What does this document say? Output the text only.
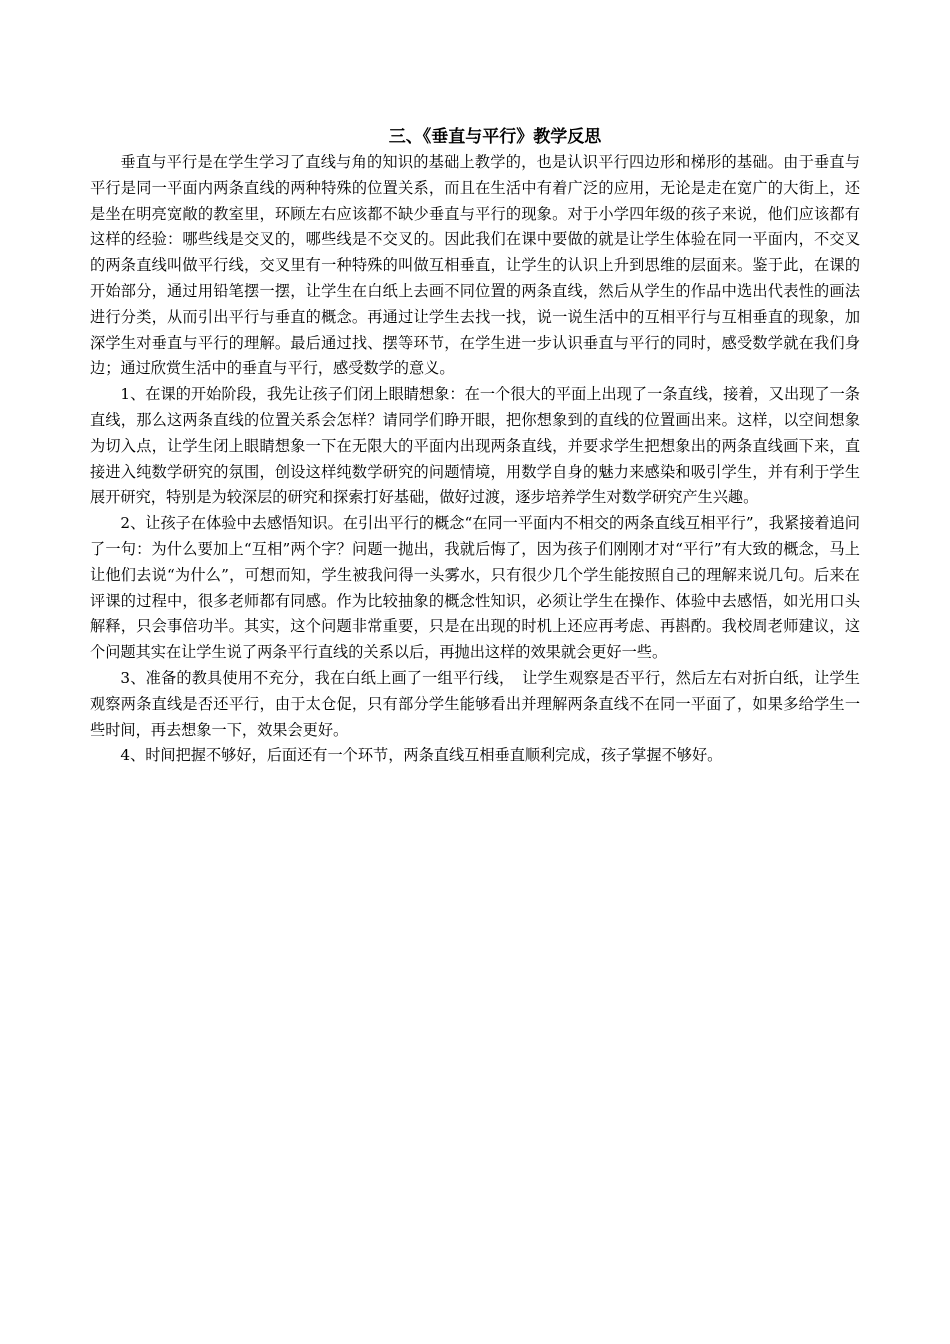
三、《垂直与平行》教学反思

垂直与平行是在学生学习了直线与角的知识的基础上教学的，也是认识平行四边形和梯形的基础。由于垂直与平行是同一平面内两条直线的两种特殊的位置关系，而且在生活中有着广泛的应用，无论是走在宽广的大街上，还是坐在明亮宽敞的教室里，环顾左右应该都不缺少垂直与平行的现象。对于小学四年级的孩子来说，他们应该都有这样的经验：哪些线是交叉的，哪些线是不交叉的。因此我们在课中要做的就是让学生体验在同一平面内，不交叉的两条直线叫做平行线，交叉里有一种特殊的叫做互相垂直，让学生的认识上升到思维的层面来。鉴于此，在课的开始部分，通过用铅笔摆一摆，让学生在白纸上去画不同位置的两条直线，然后从学生的作品中选出代表性的画法进行分类，从而引出平行与垂直的概念。再通过让学生去找一找，说一说生活中的互相平行与互相垂直的现象，加深学生对垂直与平行的理解。最后通过找、摆等环节，在学生进一步认识垂直与平行的同时，感受数学就在我们身边；通过欣赏生活中的垂直与平行，感受数学的意义。

1、在课的开始阶段，我先让孩子们闭上眼睛想象：在一个很大的平面上出现了一条直线，接着，又出现了一条直线，那么这两条直线的位置关系会怎样？请同学们睁开眼，把你想象到的直线的位置画出来。这样，以空间想象为切入点，让学生闭上眼睛想象一下在无限大的平面内出现两条直线，并要求学生把想象出的两条直线画下来，直接进入纯数学研究的氛围，创设这样纯数学研究的问题情境，用数学自身的魅力来感染和吸引学生，并有利于学生展开研究，特别是为较深层的研究和探索打好基础，做好过渡，逐步培养学生对数学研究产生兴趣。

2、让孩子在体验中去感悟知识。在引出平行的概念“在同一平面内不相交的两条直线互相平行”，我紧接着追问了一句：为什么要加上“互相”两个字？问题一抛出，我就后悔了，因为孩子们刚刚才对“平行”有大致的概念，马上让他们去说“为什么”，可想而知，学生被我问得一头雾水，只有很少几个学生能按照自己的理解来说几句。后来在评课的过程中，很多老师都有同感。作为比较抽象的概念性知识，必须让学生在操作、体验中去感悟，如光用口头解释，只会事倍功半。其实，这个问题非常重要，只是在出现的时机上还应再考虑、再斟酌。我校周老师建议，这个问题其实在让学生说了两条平行直线的关系以后，再抛出这样的效果就会更好一些。

3、准备的教具使用不充分，我在白纸上画了一组平行线，　让学生观察是否平行，然后左右对折白纸，让学生观察两条直线是否还平行，由于太仓促，只有部分学生能够看出并理解两条直线不在同一平面了，如果多给学生一些时间，再去想象一下，效果会更好。

4、时间把握不够好，后面还有一个环节，两条直线互相垂直顺利完成，孩子掌握不够好。
